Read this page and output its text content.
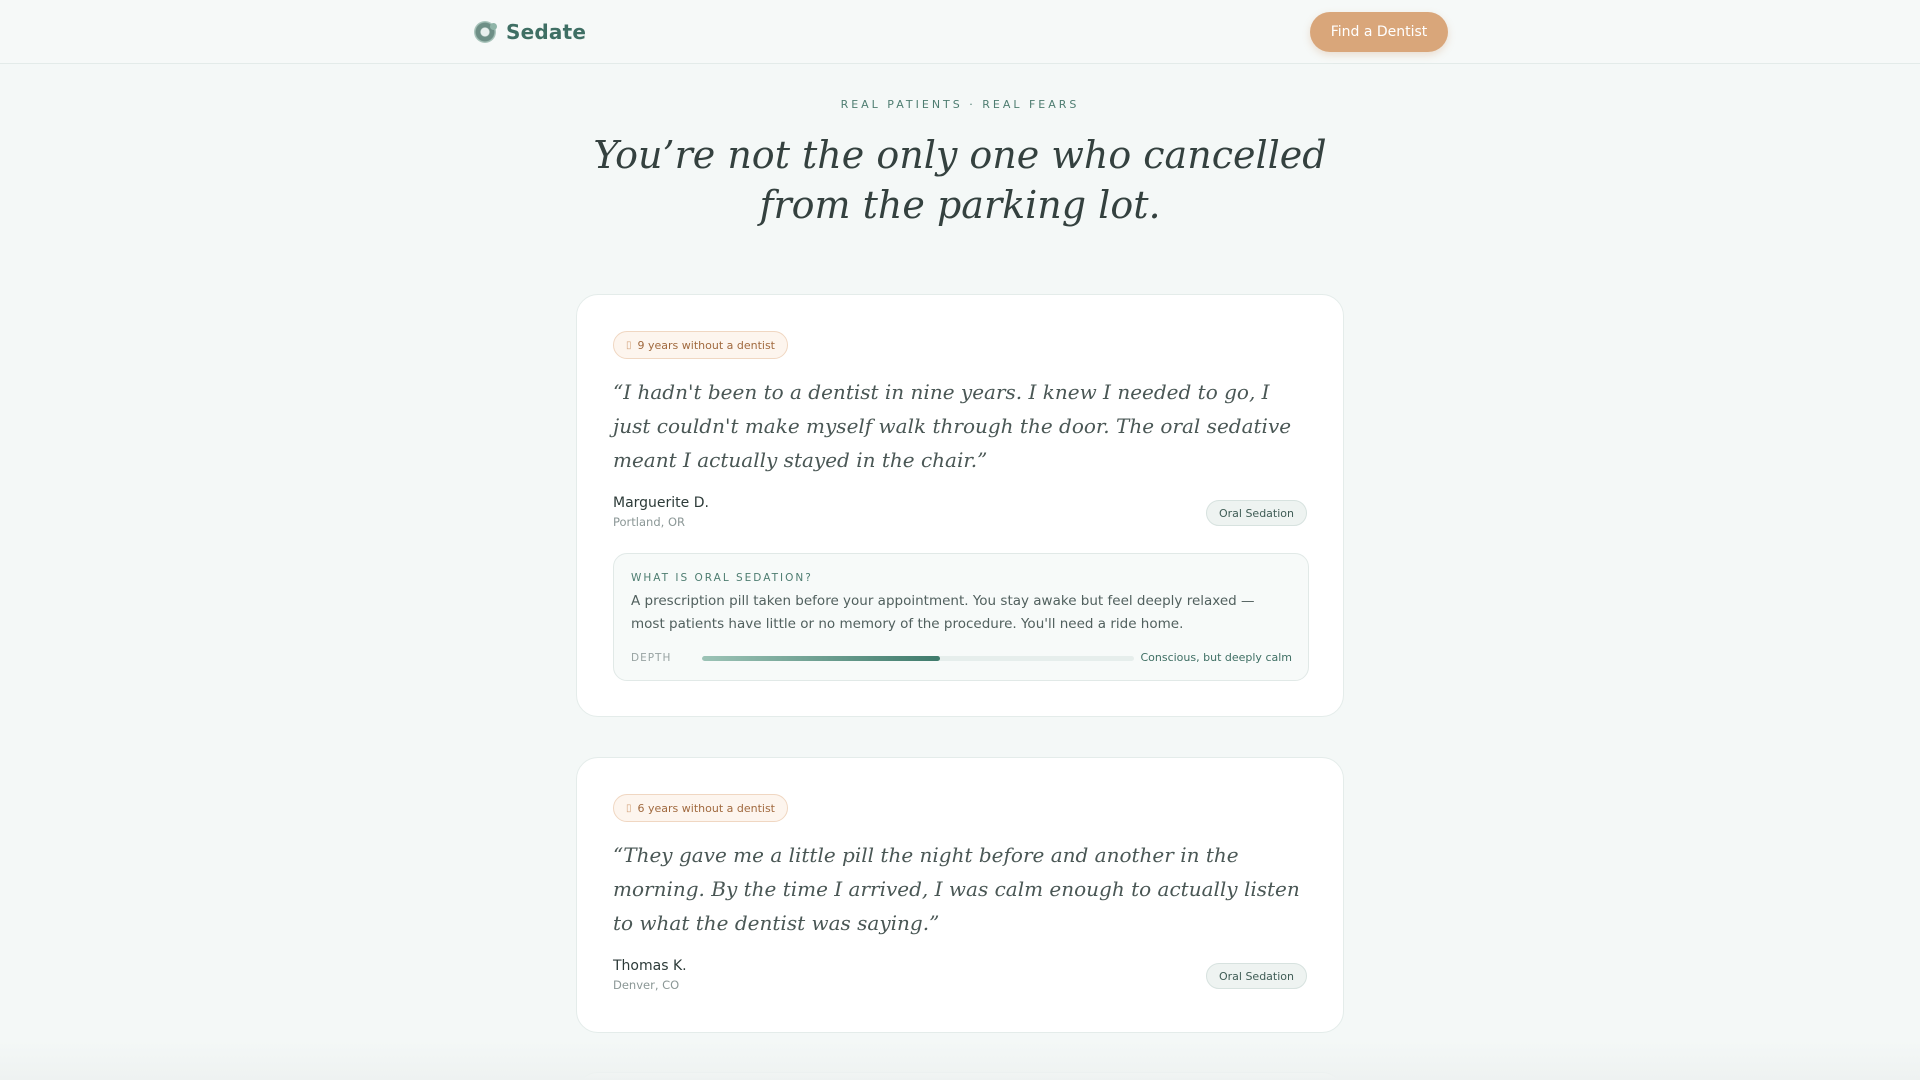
Sedate	Find a Dentist
REAL PATIENTS · REAL FEARS
You’re not the only one who cancelled from the parking lot.
▯ 9 years without a dentist

“I hadn't been to a dentist in nine years. I knew I needed to go, I just couldn't make myself walk through the door. The oral sedative meant I actually stayed in the chair.”

Marguerite D.
Portland, OR
Oral Sedation
WHAT IS ORAL SEDATION?

A prescription pill taken before your appointment. You stay awake but feel deeply relaxed — most patients have little or no memory of the procedure. You'll need a ride home.

DEPTH	Conscious, but deeply calm
▯ 6 years without a dentist

“They gave me a little pill the night before and another in the morning. By the time I arrived, I was calm enough to actually listen to what the dentist was saying.”

Thomas K.
Denver, CO
Oral Sedation
